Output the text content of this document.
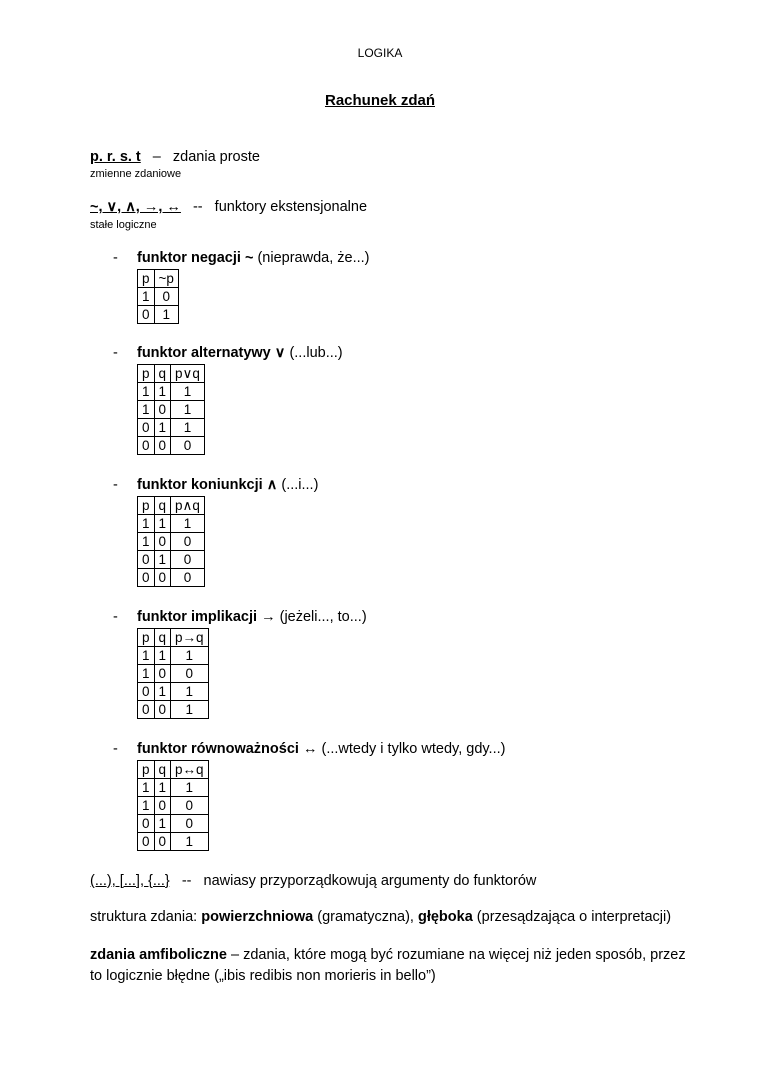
LOGIKA
Rachunek zdań
p. r. s. t – zdania proste
zmienne zdaniowe
~, ∨, ∧, →, ↔ -- funktory ekstensjonalne
stałe logiczne
- funktor negacji ~ (nieprawda, że...)
p	~p
1	0
0	1
- funktor alternatywy ∨ (...lub...)
p	q	p∨q
1	1	1
1	0	1
0	1	1
0	0	0
- funktor koniunkcji ∧ (...i...)
p	q	p∧q
1	1	1
1	0	0
0	1	0
0	0	0
- funktor implikacji → (jeżeli..., to...)
p	q	p→q
1	1	1
1	0	0
0	1	1
0	0	1
- funktor równoważności ↔ (...wtedy i tylko wtedy, gdy...)
p	q	p↔q
1	1	1
1	0	0
0	1	0
0	0	1
(...), [...], {...} -- nawiasy przyporządkowują argumenty do funktorów
struktura zdania: powierzchniowa (gramatyczna), głęboka (przesądzająca o interpretacji)
zdania amfiboliczne – zdania, które mogą być rozumiane na więcej niż jeden sposób, przez to logicznie błędne („ibis redibis non morieris in bello”)
